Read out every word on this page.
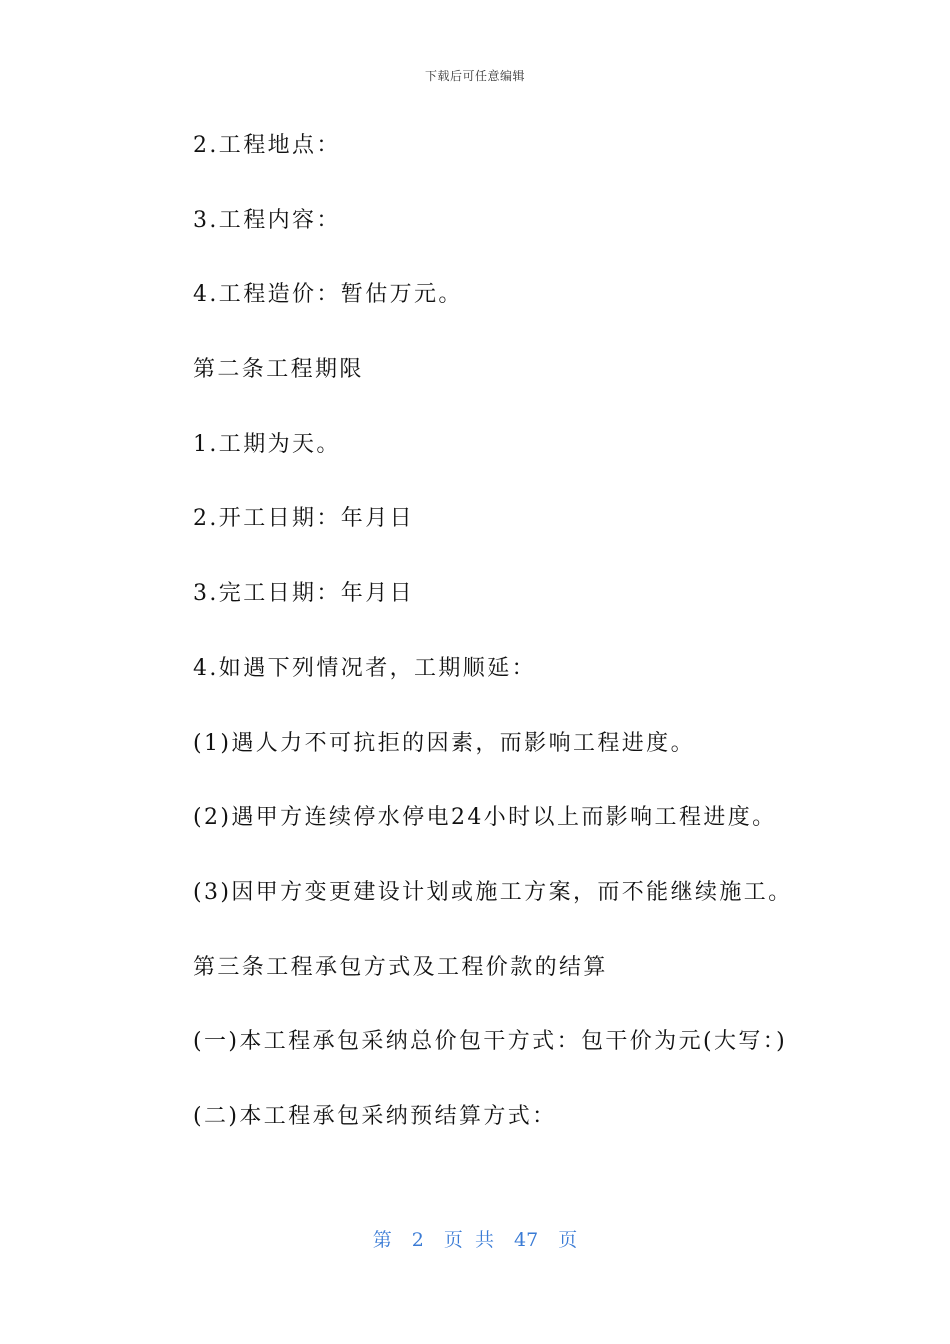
下载后可任意编辑
2.工程地点：
3.工程内容：
4.工程造价：暂估万元。
第二条工程期限
1.工期为天。
2.开工日期：年月日
3.完工日期：年月日
4.如遇下列情况者，工期顺延：
(1)遇人力不可抗拒的因素，而影响工程进度。
(2)遇甲方连续停水停电24小时以上而影响工程进度。
(3)因甲方变更建设计划或施工方案，而不能继续施工。
第三条工程承包方式及工程价款的结算
(一)本工程承包采纳总价包干方式：包干价为元(大写：)
(二)本工程承包采纳预结算方式：
第 2 页 共 47 页
